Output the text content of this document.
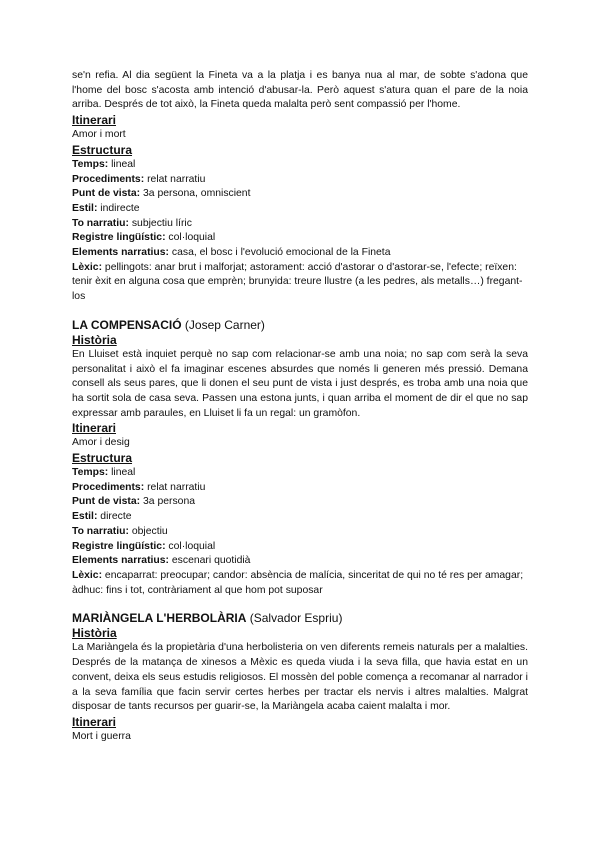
se'n refia. Al dia següent la Fineta va a la platja i es banya nua al mar, de sobte s'adona que l'home del bosc s'acosta amb intenció d'abusar-la. Però aquest s'atura quan el pare de la noia arriba. Després de tot això, la Fineta queda malalta però sent compassió per l'home.

Itinerari

Amor i mort

Estructura

Temps: lineal

Procediments: relat narratiu

Punt de vista: 3a persona, omniscient

Estil: indirecte

To narratiu: subjectiu líric

Registre lingüístic: col·loquial

Elements narratius: casa, el bosc i l'evolució emocional de la Fineta

Lèxic: pellingots: anar brut i malforjat; astorament: acció d'astorar o d'astorar-se, l'efecte; reïxen: tenir èxit en alguna cosa que emprèn; brunyida: treure llustre (a les pedres, als metalls…) fregant-los

LA COMPENSACIÓ (Josep Carner)
Història

En Lluiset està inquiet perquè no sap com relacionar-se amb una noia; no sap com serà la seva personalitat i això el fa imaginar escenes absurdes que només li generen més pressió. Demana consell als seus pares, que li donen el seu punt de vista i just després, es troba amb una noia que ha sortit sola de casa seva. Passen una estona junts, i quan arriba el moment de dir el que no sap expressar amb paraules, en Lluiset li fa un regal: un gramòfon.

Itinerari

Amor i desig

Estructura

Temps: lineal

Procediments: relat narratiu

Punt de vista: 3a persona

Estil: directe

To narratiu: objectiu

Registre lingüístic: col·loquial

Elements narratius: escenari quotidià

Lèxic: encaparrat: preocupar; candor: absència de malícia, sinceritat de qui no té res per amagar; àdhuc: fins i tot, contràriament al que hom pot suposar

MARIÀNGELA L'HERBOLÀRIA (Salvador Espriu)
Història

La Mariàngela és la propietària d'una herbolisteria on ven diferents remeis naturals per a malalties. Després de la matança de xinesos a Mèxic es queda viuda i la seva filla, que havia estat en un convent, deixa els seus estudis religiosos. El mossèn del poble comença a recomanar al narrador i a la seva família que facin servir certes herbes per tractar els nervis i altres malalties. Malgrat disposar de tants recursos per guarir-se, la Mariàngela acaba caient malalta i mor.

Itinerari

Mort i guerra
